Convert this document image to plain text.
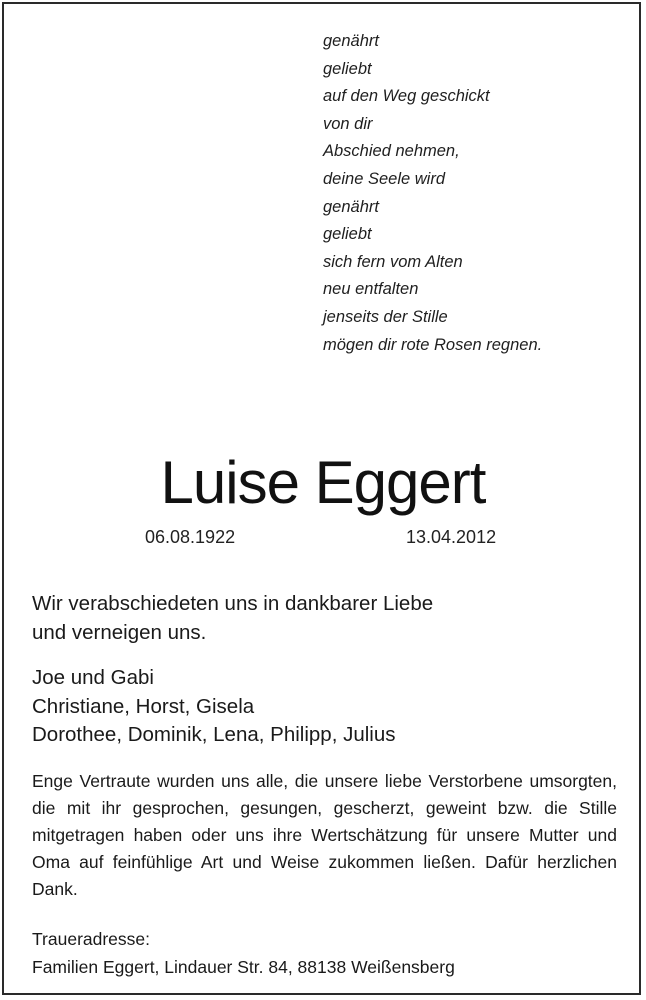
genährt
geliebt
auf den Weg geschickt
von dir
Abschied nehmen,
deine Seele wird
genährt
geliebt
sich fern vom Alten
neu entfalten
jenseits der Stille
mögen dir rote Rosen regnen.
Luise Eggert
06.08.1922	13.04.2012
Wir verabschiedeten uns in dankbarer Liebe
und verneigen uns.
Joe und Gabi
Christiane, Horst, Gisela
Dorothee, Dominik, Lena, Philipp, Julius
Enge Vertraute wurden uns alle, die unsere liebe Verstorbene umsorgten, die mit ihr gesprochen, gesungen, gescherzt, geweint bzw. die Stille mitgetragen haben oder uns ihre Wertschätzung für unsere Mutter und Oma auf feinfühlige Art und Weise zukommen ließen. Dafür herzlichen Dank.
Traueradresse:
Familien Eggert, Lindauer Str. 84, 88138 Weißensberg
